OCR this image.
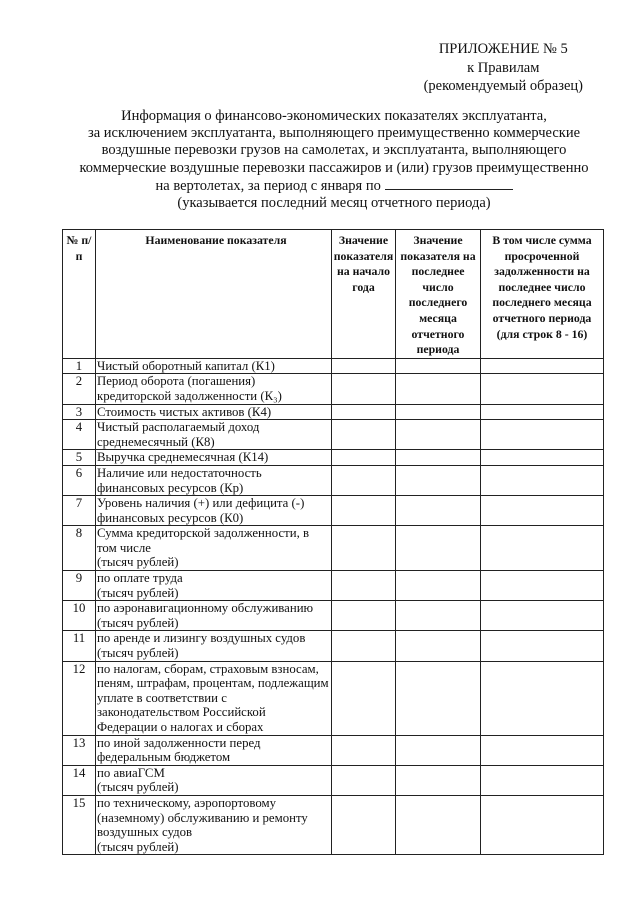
ПРИЛОЖЕНИЕ № 5
к Правилам
(рекомендуемый образец)
Информация о финансово-экономических показателях эксплуатанта,
за исключением эксплуатанта, выполняющего преимущественно коммерческие
воздушные перевозки грузов на самолетах, и эксплуатанта, выполняющего
коммерческие воздушные перевозки пассажиров и (или) грузов преимущественно
на вертолетах, за период с января по
(указывается последний месяц отчетного периода)
№ п/п	Наименование показателя	Значение показателя на начало года	Значение показателя на последнее число последнего месяца отчетного периода	В том числе сумма просроченной задолженности на последнее число последнего месяца отчетного периода (для строк 8 - 16)
1	Чистый оборотный капитал (К1)			

2	Период оборота (погашения)
кредиторской задолженности (К₃)			

3	Стоимость чистых активов (К4)			

4	Чистый располагаемый доход
среднемесячный (К8)			

5	Выручка среднемесячная (К14)			

6	Наличие или недостаточность
финансовых ресурсов (Кр)			

7	Уровень наличия (+) или дефицита (-)
финансовых ресурсов (К0)			

8	Сумма кредиторской задолженности, в
том числе
(тысяч рублей)			

9	по оплате труда
(тысяч рублей)			

10	по аэронавигационному обслуживанию
(тысяч рублей)			

11	по аренде и лизингу воздушных судов
(тысяч рублей)			

12	по налогам, сборам, страховым взносам,
пеням, штрафам, процентам, подлежащим
уплате в соответствии с
законодательством Российской
Федерации о налогах и сборах			

13	по иной задолженности перед
федеральным бюджетом			

14	по авиаГСМ
(тысяч рублей)			

15	по техническому, аэропортовому
(наземному) обслуживанию и ремонту
воздушных судов
(тысяч рублей)			
